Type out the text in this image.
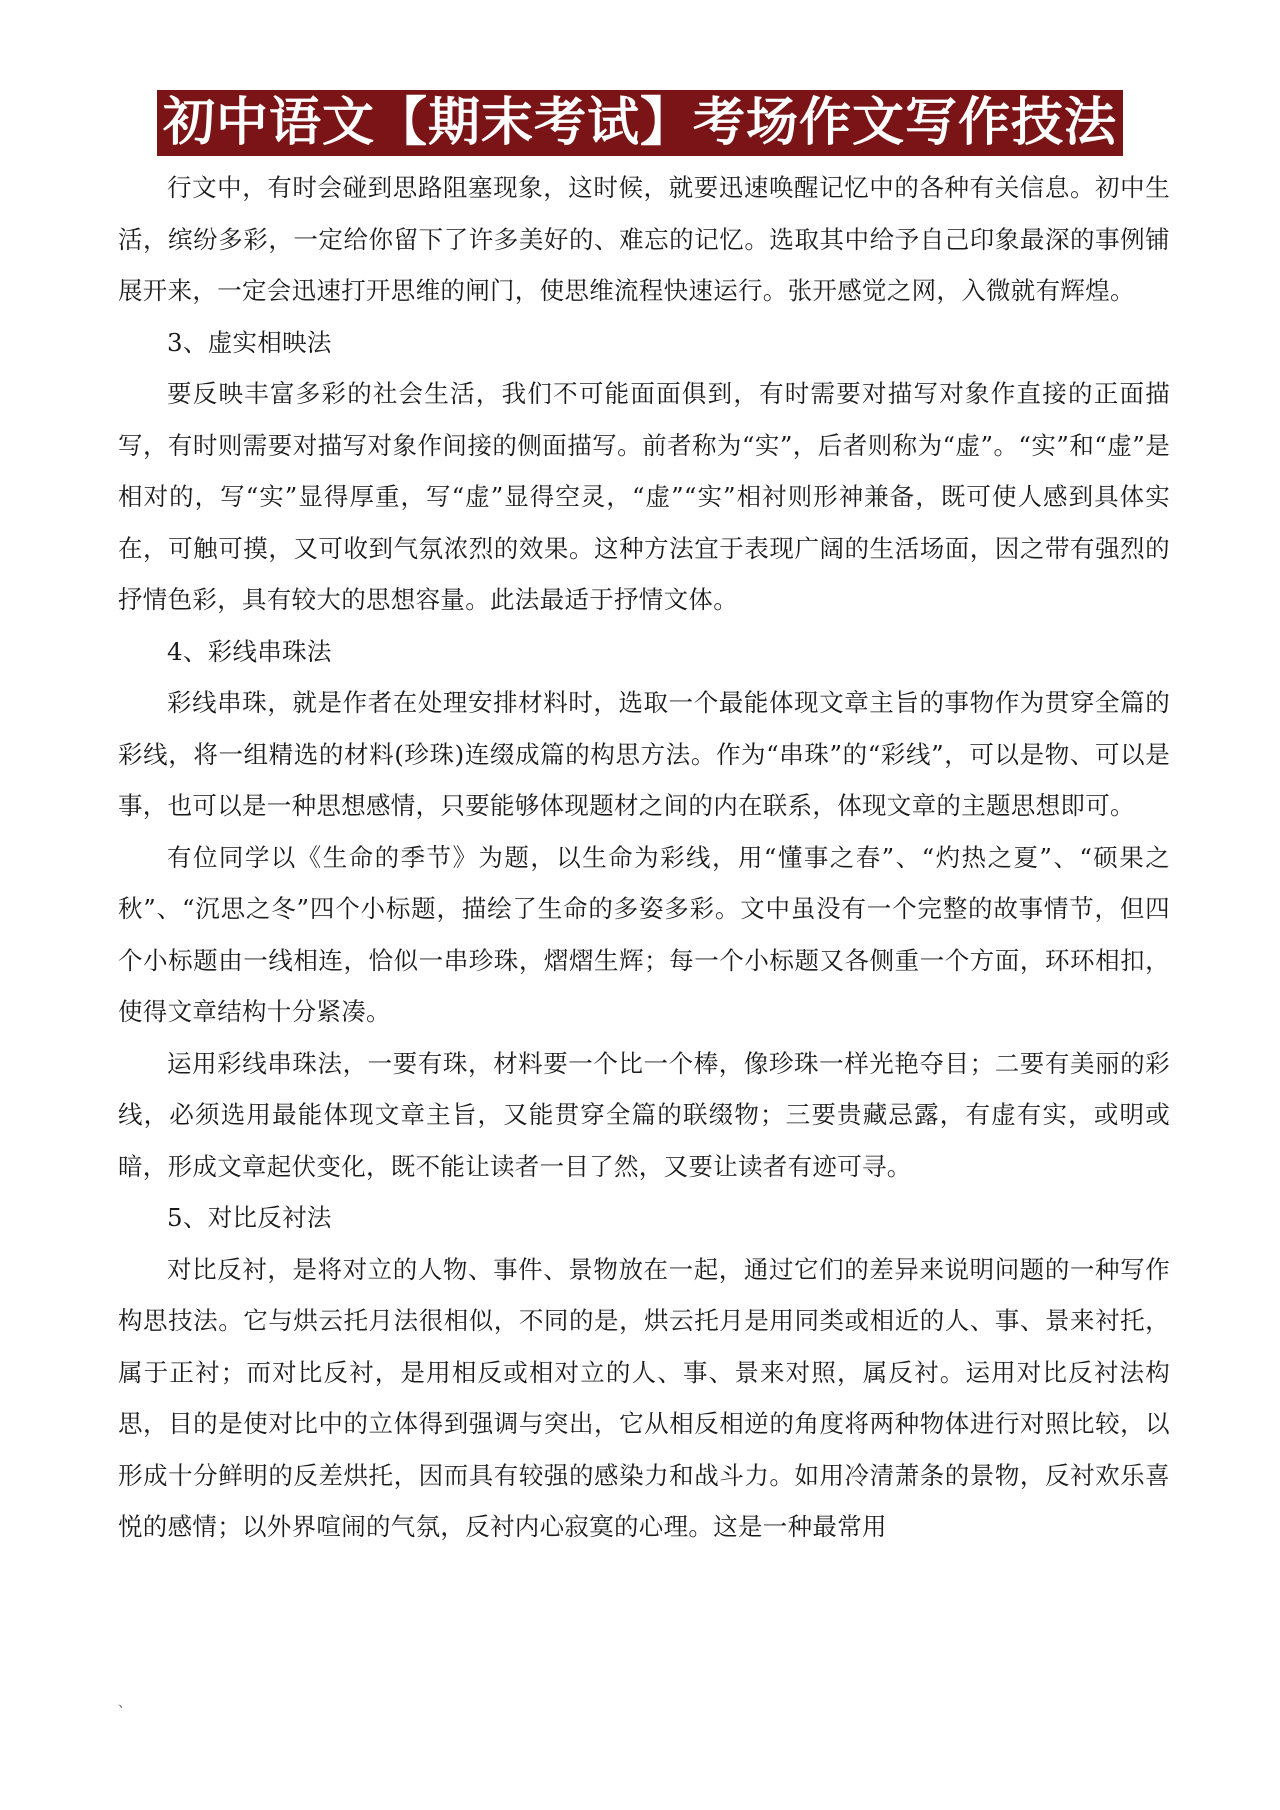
初中语文【期末考试】考场作文写作技法

行文中，有时会碰到思路阻塞现象，这时候，就要迅速唤醒记忆中的各种有关信息。初中生活，缤纷多彩，一定给你留下了许多美好的、难忘的记忆。选取其中给予自己印象最深的事例铺展开来，一定会迅速打开思维的闸门，使思维流程快速运行。张开感觉之网，入微就有辉煌。

3、虚实相映法

要反映丰富多彩的社会生活，我们不可能面面俱到，有时需要对描写对象作直接的正面描写，有时则需要对描写对象作间接的侧面描写。前者称为“实”，后者则称为“虚”。“实”和“虚”是相对的，写“实”显得厚重，写“虚”显得空灵，“虚”“实”相衬则形神兼备，既可使人感到具体实在，可触可摸，又可收到气氛浓烈的效果。这种方法宜于表现广阔的生活场面，因之带有强烈的抒情色彩，具有较大的思想容量。此法最适于抒情文体。

4、彩线串珠法

彩线串珠，就是作者在处理安排材料时，选取一个最能体现文章主旨的事物作为贯穿全篇的彩线，将一组精选的材料(珍珠)连缀成篇的构思方法。作为“串珠”的“彩线”，可以是物、可以是事，也可以是一种思想感情，只要能够体现题材之间的内在联系，体现文章的主题思想即可。

有位同学以《生命的季节》为题，以生命为彩线，用“懂事之春”、“灼热之夏”、“硕果之秋”、“沉思之冬”四个小标题，描绘了生命的多姿多彩。文中虽没有一个完整的故事情节，但四个小标题由一线相连，恰似一串珍珠，熠熠生辉；每一个小标题又各侧重一个方面，环环相扣，使得文章结构十分紧凑。

运用彩线串珠法，一要有珠，材料要一个比一个棒，像珍珠一样光艳夺目；二要有美丽的彩线，必须选用最能体现文章主旨，又能贯穿全篇的联缀物；三要贵藏忌露，有虚有实，或明或暗，形成文章起伏变化，既不能让读者一目了然，又要让读者有迹可寻。

5、对比反衬法

对比反衬，是将对立的人物、事件、景物放在一起，通过它们的差异来说明问题的一种写作构思技法。它与烘云托月法很相似，不同的是，烘云托月是用同类或相近的人、事、景来衬托，属于正衬；而对比反衬，是用相反或相对立的人、事、景来对照，属反衬。运用对比反衬法构思，目的是使对比中的立体得到强调与突出，它从相反相逆的角度将两种物体进行对照比较，以形成十分鲜明的反差烘托，因而具有较强的感染力和战斗力。如用冷清萧条的景物，反衬欢乐喜悦的感情；以外界喧闹的气氛，反衬内心寂寞的心理。这是一种最常用

、
